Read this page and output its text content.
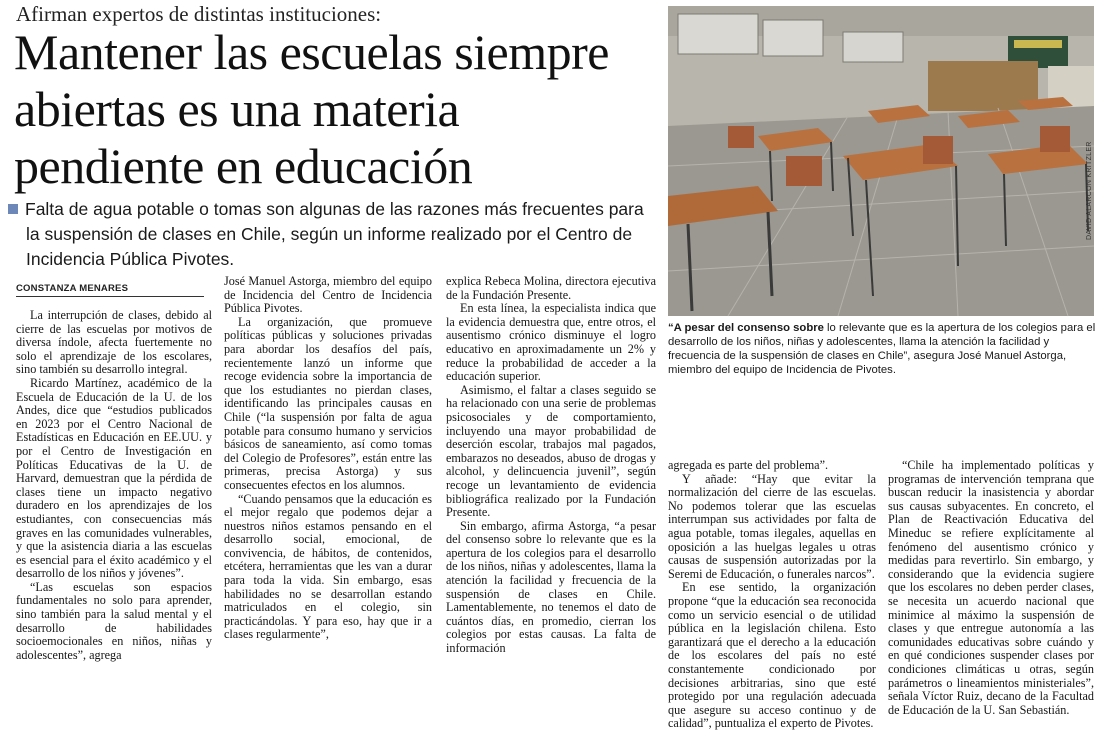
Afirman expertos de distintas instituciones:
Mantener las escuelas siempre
abiertas es una materia
pendiente en educación
Falta de agua potable o tomas son algunas de las razones más frecuentes para
la suspensión de clases en Chile, según un informe realizado por el Centro de
Incidencia Pública Pivotes.
CONSTANZA MENARES

La interrupción de clases, debido al cierre de las escuelas por motivos de diversa índole, afecta fuertemente no solo el aprendizaje de los escolares, sino también su desarrollo integral.

Ricardo Martínez, académico de la Escuela de Educación de la U. de los Andes, dice que “estudios publicados en 2023 por el Centro Nacional de Estadísticas en Educación en EE.UU. y por el Centro de Investigación en Políticas Educativas de la U. de Harvard, demuestran que la pérdida de clases tiene un impacto negativo duradero en los aprendizajes de los estudiantes, con consecuencias más graves en las comunidades vulnerables, y que la asistencia diaria a las escuelas es esencial para el éxito académico y el desarrollo de los niños y jóvenes”.

“Las escuelas son espacios fundamentales no solo para aprender, sino también para la salud mental y el desarrollo de habilidades socioemocionales en niños, niñas y adolescentes”, agrega

José Manuel Astorga, miembro del equipo de Incidencia del Centro de Incidencia Pública Pivotes.

La organización, que promueve políticas públicas y soluciones privadas para abordar los desafíos del país, recientemente lanzó un informe que recoge evidencia sobre la importancia de que los estudiantes no pierdan clases, identificando las principales causas en Chile (“la suspensión por falta de agua potable para consumo humano y servicios básicos de saneamiento, así como tomas del Colegio de Profesores”, están entre las primeras, precisa Astorga) y sus consecuentes efectos en los alumnos.

“Cuando pensamos que la educación es el mejor regalo que podemos dejar a nuestros niños estamos pensando en el desarrollo social, emocional, de convivencia, de hábitos, de contenidos, etcétera, herramientas que les van a durar para toda la vida. Sin embargo, esas habilidades no se desarrollan estando matriculados en el colegio, sin practicándolas. Y para eso, hay que ir a clases regularmente”,

explica Rebeca Molina, directora ejecutiva de la Fundación Presente.

En esta línea, la especialista indica que la evidencia demuestra que, entre otros, el ausentismo crónico disminuye el logro educativo en aproximadamente un 2% y reduce la probabilidad de acceder a la educación superior.

Asimismo, el faltar a clases seguido se ha relacionado con una serie de problemas psicosociales y de comportamiento, incluyendo una mayor probabilidad de deserción escolar, trabajos mal pagados, embarazos no deseados, abuso de drogas y alcohol, y delincuencia juvenil”, según recoge un levantamiento de evidencia bibliográfica realizado por la Fundación Presente.

Sin embargo, afirma Astorga, “a pesar del consenso sobre lo relevante que es la apertura de los colegios para el desarrollo de los niños, niñas y adolescentes, llama la atención la facilidad y frecuencia de la suspensión de clases en Chile. Lamentablemente, no tenemos el dato de cuántos días, en promedio, cierran los colegios por estas causas. La falta de información

agregada es parte del problema”.

Y añade: “Hay que evitar la normalización del cierre de las escuelas. No podemos tolerar que las escuelas interrumpan sus actividades por falta de agua potable, tomas ilegales, aquellas en oposición a las huelgas legales u otras causas de suspensión autorizadas por la Seremi de Educación, o funerales narcos”.

En ese sentido, la organización propone “que la educación sea reconocida como un servicio esencial o de utilidad pública en la legislación chilena. Esto garantizará que el derecho a la educación de los escolares del país no esté constantemente condicionado por decisiones arbitrarias, sino que esté protegido por una regulación adecuada que asegure su acceso continuo y de calidad”, puntualiza el experto de Pivotes.

“Chile ha implementado políticas y programas de intervención temprana que buscan reducir la inasistencia y abordar sus causas subyacentes. En concreto, el Plan de Reactivación Educativa del Mineduc se refiere explícitamente al fenómeno del ausentismo crónico y medidas para revertirlo. Sin embargo, y considerando que la evidencia sugiere que los escolares no deben perder clases, se necesita un acuerdo nacional que minimice al máximo la suspensión de clases y que entregue autonomía a las comunidades educativas sobre cuándo y en qué condiciones suspender clases por condiciones climáticas u otras, según parámetros o lineamientos ministeriales”, señala Víctor Ruiz, decano de la Facultad de Educación de la U. San Sebastián.

DAVID ALARCON KRITZLER
“A pesar del consenso sobre lo relevante que es la apertura de los colegios para el desarrollo de los niños, niñas y adolescentes, llama la atención la facilidad y frecuencia de la suspensión de clases en Chile”, asegura José Manuel Astorga, miembro del equipo de Incidencia de Pivotes.
